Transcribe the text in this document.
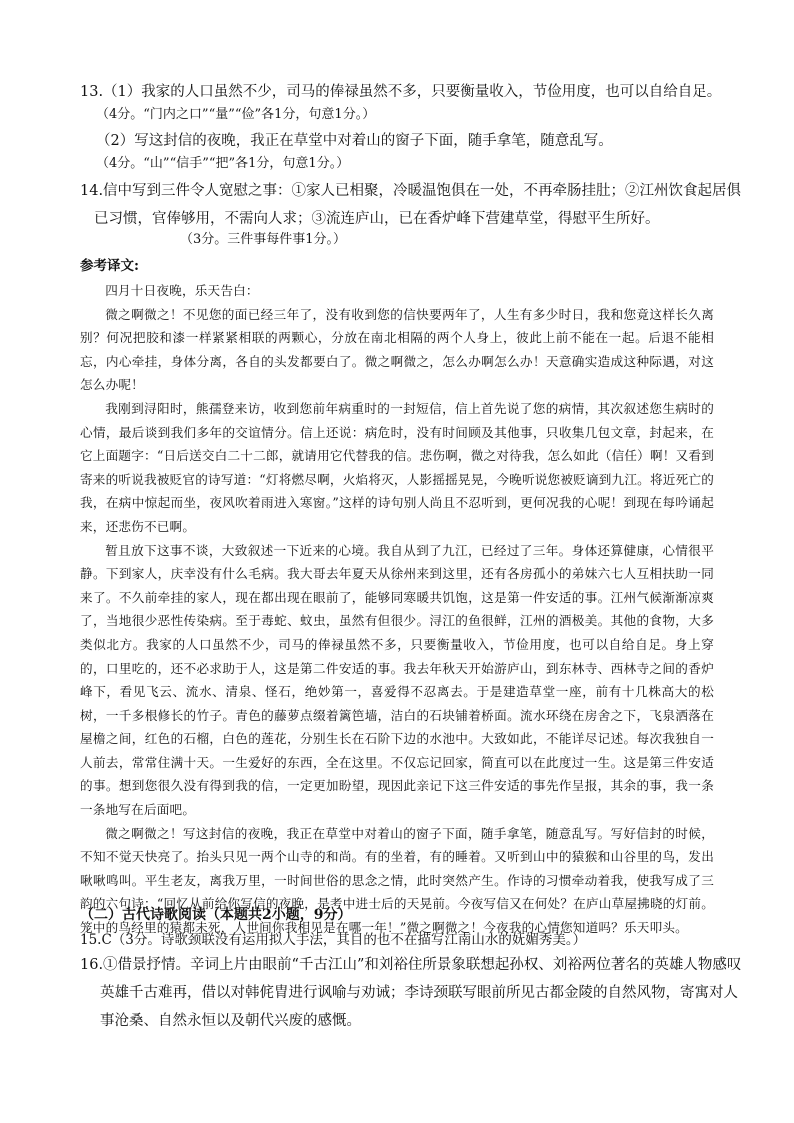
13.（1）我家的人口虽然不少，司马的俸禄虽然不多，只要衡量收入，节俭用度，也可以自给自足。

（4分。“门内之口”“量”“俭”各1分，句意1分。）

（2）写这封信的夜晚，我正在草堂中对着山的窗子下面，随手拿笔，随意乱写。

（4分。“山”“信手”“把”各1分，句意1分。）

14.信中写到三件令人宽慰之事：①家人已相聚，冷暖温饱俱在一处，不再牵肠挂肚；②江州饮食起居俱已习惯，官俸够用，不需向人求；③流连庐山，已在香炉峰下营建草堂，得慰平生所好。

（3分。三件事每件事1分。）

参考译文:

四月十日夜晚，乐天告白：

微之啊微之！不见您的面已经三年了，没有收到您的信快要两年了，人生有多少时日，我和您竟这样长久离别？何况把胶和漆一样紧紧相联的两颗心，分放在南北相隔的两个人身上，彼此上前不能在一起。后退不能相忘，内心牵挂，身体分离，各自的头发都要白了。微之啊微之，怎么办啊怎么办！天意确实造成这种际遇，对这怎么办呢！

我刚到浔阳时，熊孺登来访，收到您前年病重时的一封短信，信上首先说了您的病情，其次叙述您生病时的心情，最后谈到我们多年的交谊情分。信上还说：病危时，没有时间顾及其他事，只收集几包文章，封起来，在它上面题字：“日后送交白二十二郎，就请用它代替我的信。悲伤啊，微之对待我，怎么如此（信任）啊！又看到寄来的听说我被贬官的诗写道：“灯将燃尽啊，火焰将灭，人影摇摇晃晃，今晚听说您被贬谪到九江。将近死亡的我，在病中惊起而坐，夜风吹着雨进入寒窗。”这样的诗句别人尚且不忍听到，更何况我的心呢！到现在每吟诵起来，还悲伤不已啊。

暂且放下这事不谈，大致叙述一下近来的心境。我自从到了九江，已经过了三年。身体还算健康，心情很平静。下到家人，庆幸没有什么毛病。我大哥去年夏天从徐州来到这里，还有各房孤小的弟妹六七人互相扶助一同来了。不久前牵挂的家人，现在都出现在眼前了，能够同寒暖共饥饱，这是第一件安适的事。江州气候渐渐凉爽了，当地很少恶性传染病。至于毒蛇、蚊虫，虽然有但很少。浔江的鱼很鲜，江州的酒极美。其他的食物，大多类似北方。我家的人口虽然不少，司马的俸禄虽然不多，只要衡量收入，节俭用度，也可以自给自足。身上穿的，口里吃的，还不必求助于人，这是第二件安适的事。我去年秋天开始游庐山，到东林寺、西林寺之间的香炉峰下，看见飞云、流水、清泉、怪石，绝妙第一，喜爱得不忍离去。于是建造草堂一座，前有十几株高大的松树，一千多根修长的竹子。青色的藤萝点缀着篱笆墙，洁白的石块铺着桥面。流水环绕在房舍之下，飞泉洒落在屋檐之间，红色的石榴，白色的莲花，分别生长在石阶下边的水池中。大致如此，不能详尽记述。每次我独自一人前去，常常住满十天。一生爱好的东西，全在这里。不仅忘记回家，简直可以在此度过一生。这是第三件安适的事。想到您很久没有得到我的信，一定更加盼望，现因此亲记下这三件安适的事先作呈报，其余的事，我一条一条地写在后面吧。

微之啊微之！写这封信的夜晚，我正在草堂中对着山的窗子下面，随手拿笔，随意乱写。写好信封的时候，不知不觉天快亮了。抬头只见一两个山寺的和尚。有的坐着，有的睡着。又听到山中的猿猴和山谷里的鸟，发出啾啾鸣叫。平生老友，离我万里，一时间世俗的思念之情，此时突然产生。作诗的习惯牵动着我，使我写成了三韵的六句诗：“回忆从前给你写信的夜晚，是考中进士后的天晃前。今夜写信又在何处？在庐山草屋拂晓的灯前。笼中的鸟经里的猿都未死，人世间你我相见是在哪一年！”微之啊微之！今夜我的心情您知道吗？乐天叩头。

（二）古代诗歌阅读（本题共2小题，9分）

15.C（3分。诗歌颈联没有运用拟人手法，其目的也不在描写江南山水的妩媚秀美。）

16.①借景抒情。辛词上片由眼前“千古江山”和刘裕住所景象联想起孙权、刘裕两位著名的英雄人物感叹英雄千古难再，借以对韩侂胄进行讽喻与劝诫；李诗颈联写眼前所见古都金陵的自然风物，寄寓对人事沧桑、自然永恒以及朝代兴废的感慨。
